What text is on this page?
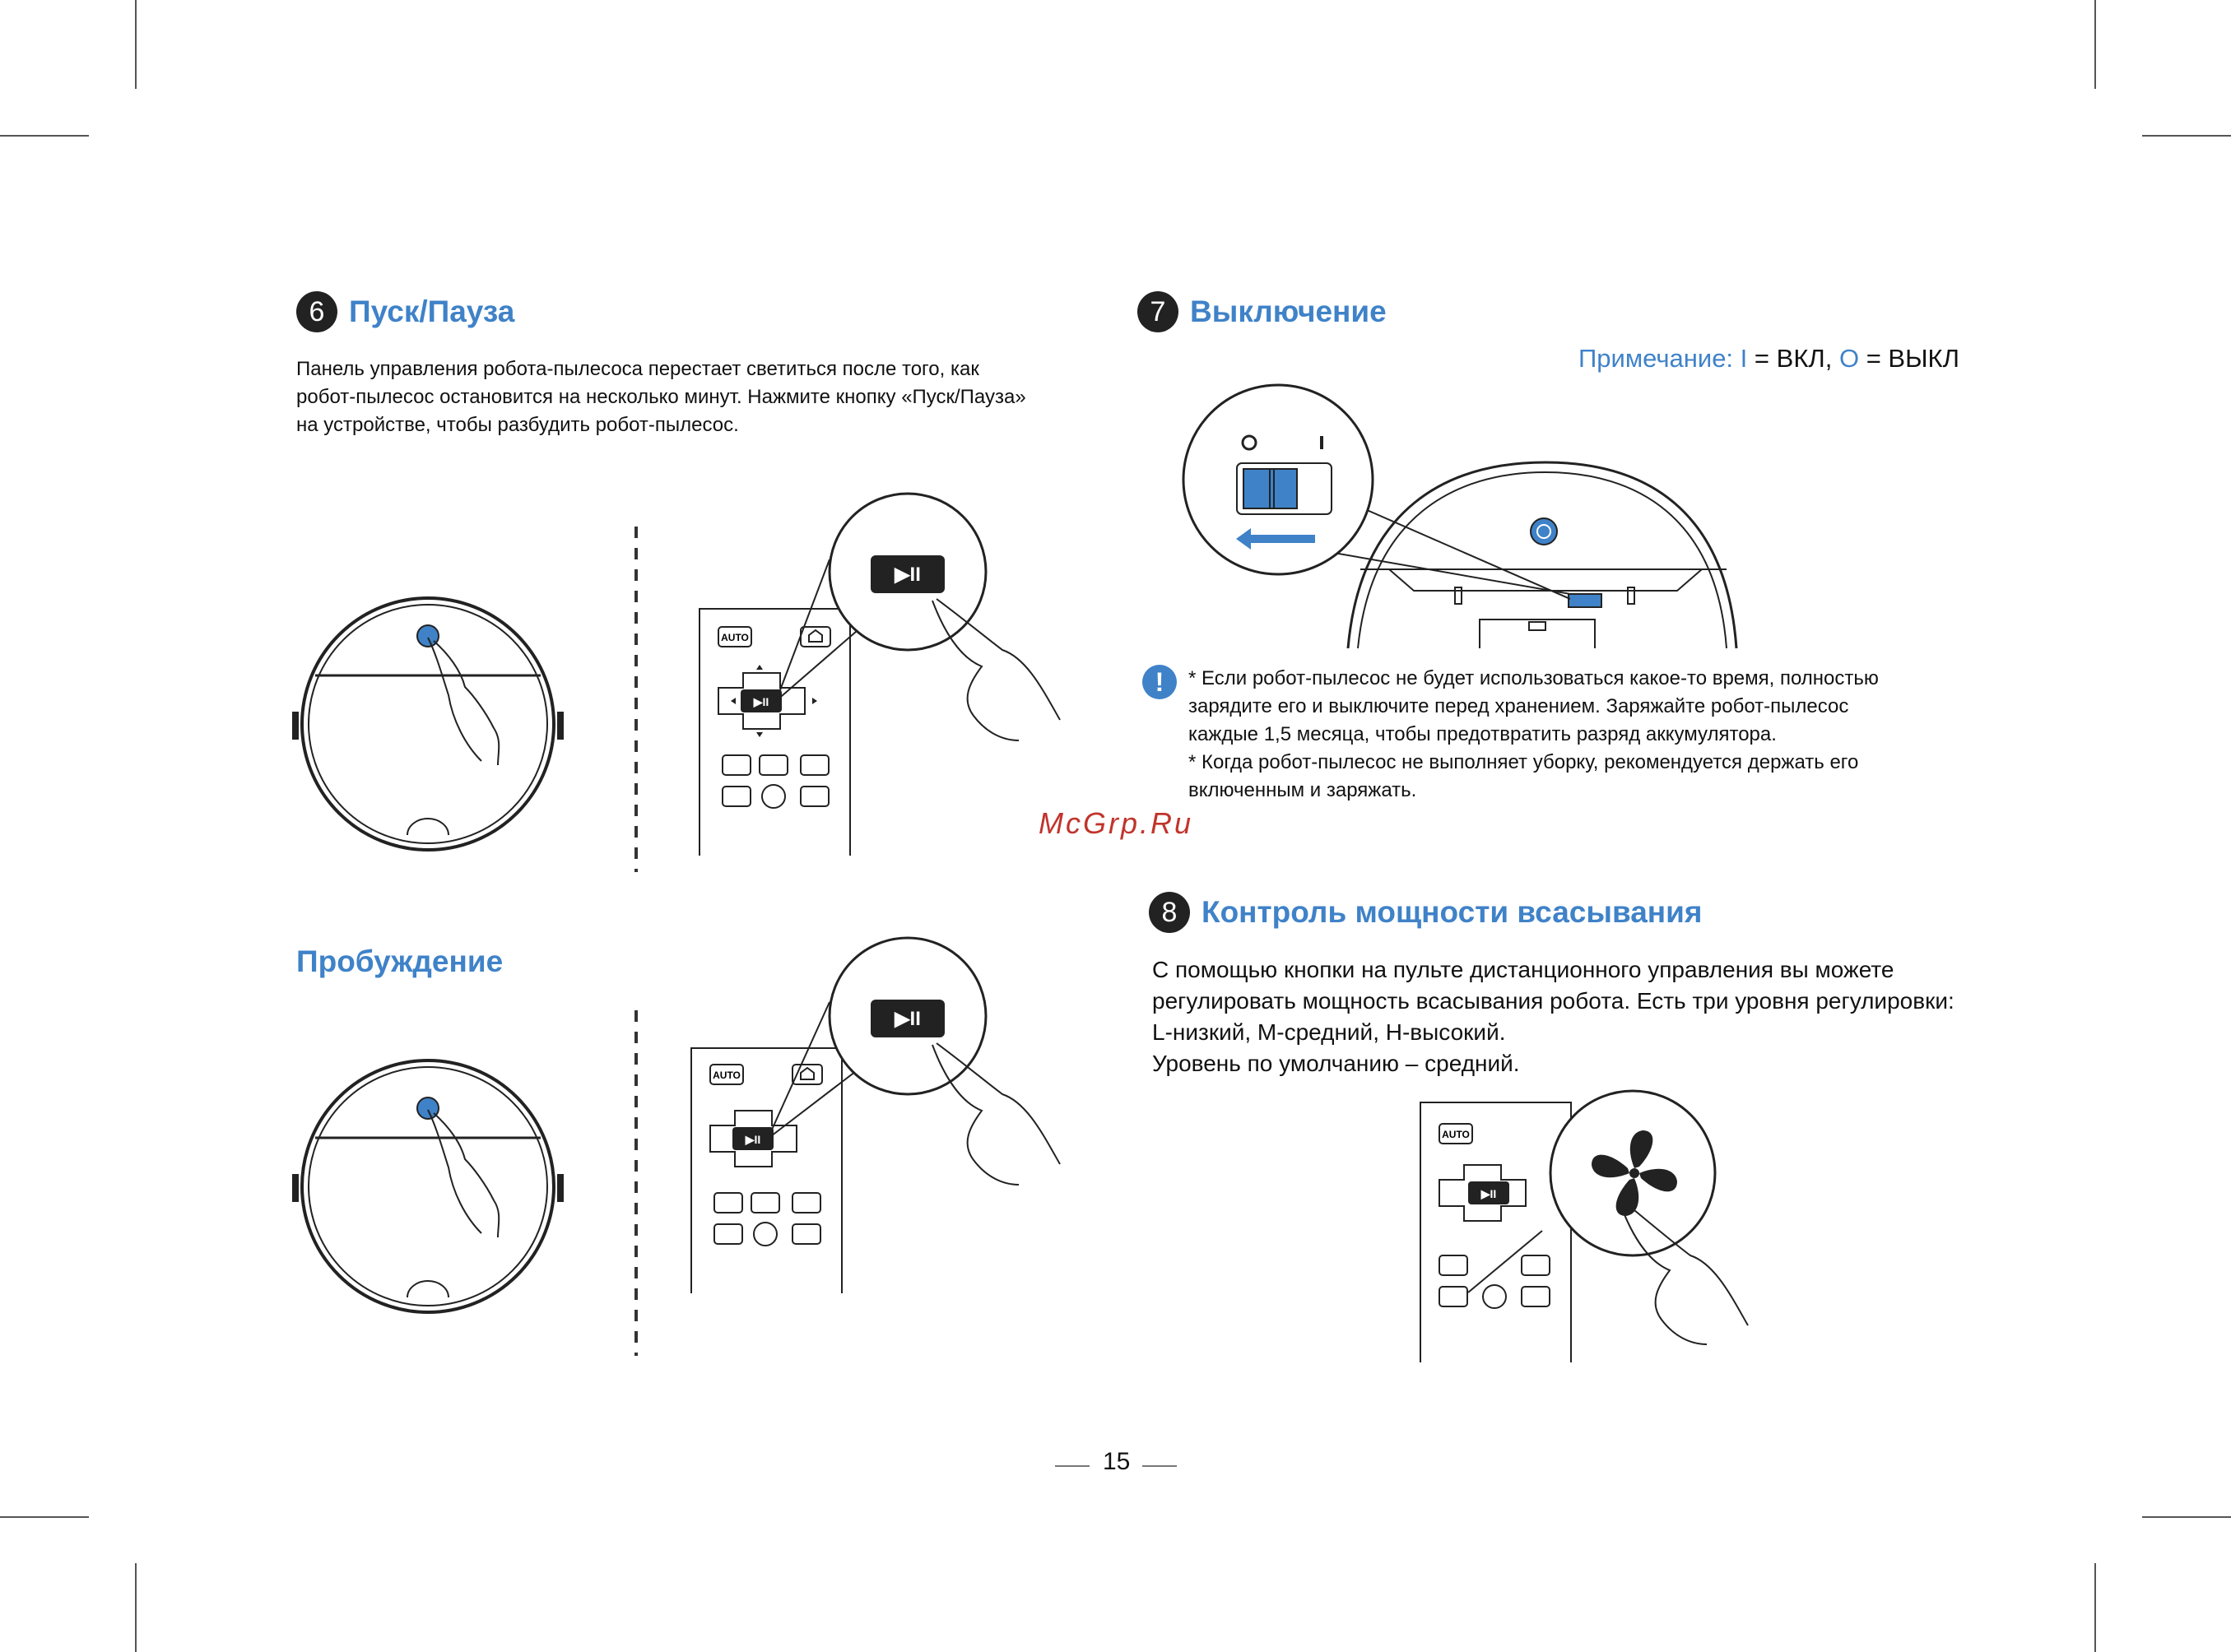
6 Пуск/Пауза

Панель управления робота-пылесоса перестает светиться после того, как

робот-пылесос остановится на несколько минут. Нажмите кнопку «Пуск/Пауза»

на устройстве, чтобы разбудить робот-пылесос.

Пробуждение
AUTO
▶II
▶II
AUTO
▶II
▶II
7 Выключение
Примечание: I = ВКЛ, O = ВЫКЛ
!	* Если робот-пылесос не будет использоваться какое-то время, полностью

зарядите его и выключите перед хранением. Заряжайте робот-пылесос

каждые 1,5 месяца, чтобы предотвратить разряд аккумулятора.

* Когда робот-пылесос не выполняет уборку, рекомендуется держать его

включенным и заряжать.

McGrp.Ru
8 Контроль мощности всасывания

С помощью кнопки на пульте дистанционного управления вы можете

регулировать мощность всасывания робота. Есть три уровня регулировки:

L-низкий, M-средний, H-высокий.

Уровень по умолчанию – средний.

AUTO
▶II
15
